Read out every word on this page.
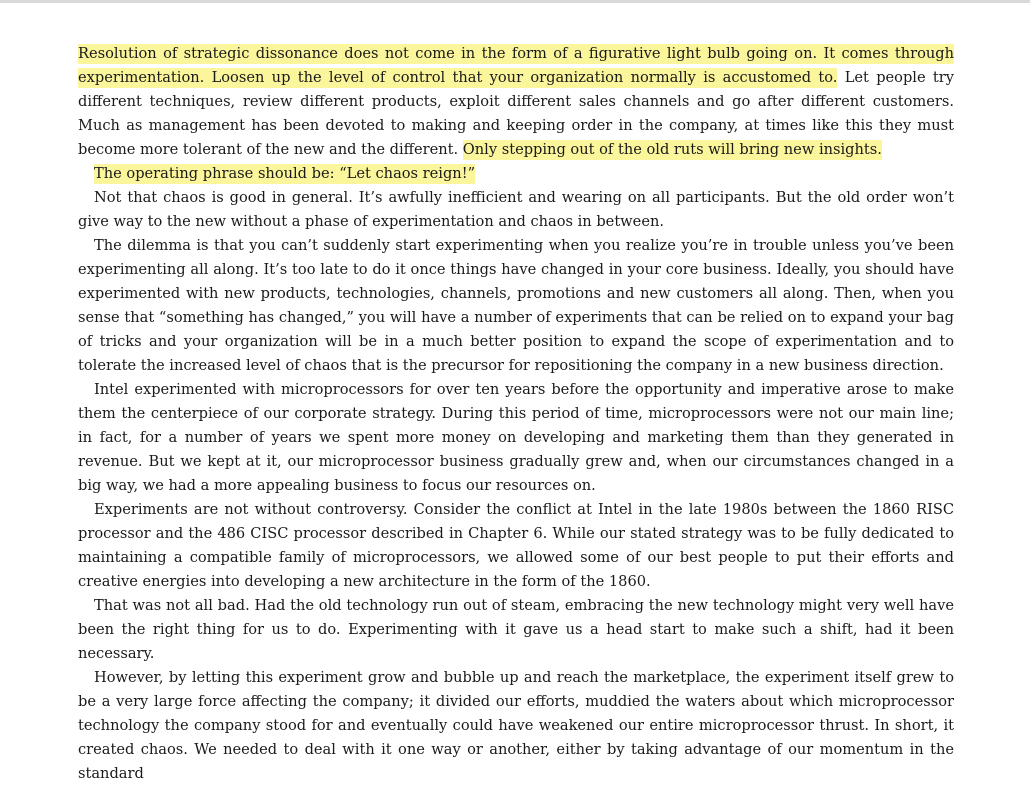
Resolution of strategic dissonance does not come in the form of a figurative light bulb going on. It comes through experimentation. Loosen up the level of control that your organization normally is accustomed to. Let people try different techniques, review different products, exploit different sales channels and go after different customers. Much as management has been devoted to making and keeping order in the company, at times like this they must become more tolerant of the new and the different. Only stepping out of the old ruts will bring new insights.

The operating phrase should be: “Let chaos reign!”

Not that chaos is good in general. It’s awfully inefficient and wearing on all participants. But the old order won’t give way to the new without a phase of experimentation and chaos in between.

The dilemma is that you can’t suddenly start experimenting when you realize you’re in trouble unless you’ve been experimenting all along. It’s too late to do it once things have changed in your core business. Ideally, you should have experimented with new products, technologies, channels, promotions and new customers all along. Then, when you sense that “something has changed,” you will have a number of experiments that can be relied on to expand your bag of tricks and your organization will be in a much better position to expand the scope of experimentation and to tolerate the increased level of chaos that is the precursor for repositioning the company in a new business direction.

Intel experimented with microprocessors for over ten years before the opportunity and imperative arose to make them the centerpiece of our corporate strategy. During this period of time, microprocessors were not our main line; in fact, for a number of years we spent more money on developing and marketing them than they generated in revenue. But we kept at it, our microprocessor business gradually grew and, when our circumstances changed in a big way, we had a more appealing business to focus our resources on.

Experiments are not without controversy. Consider the conflict at Intel in the late 1980s between the 1860 RISC processor and the 486 CISC processor described in Chapter 6. While our stated strategy was to be fully dedicated to maintaining a compatible family of microprocessors, we allowed some of our best people to put their efforts and creative energies into developing a new architecture in the form of the 1860.

That was not all bad. Had the old technology run out of steam, embracing the new technology might very well have been the right thing for us to do. Experimenting with it gave us a head start to make such a shift, had it been necessary.

However, by letting this experiment grow and bubble up and reach the marketplace, the experiment itself grew to be a very large force affecting the company; it divided our efforts, muddied the waters about which microprocessor technology the company stood for and eventually could have weakened our entire microprocessor thrust. In short, it created chaos. We needed to deal with it one way or another, either by taking advantage of our momentum in the standard
